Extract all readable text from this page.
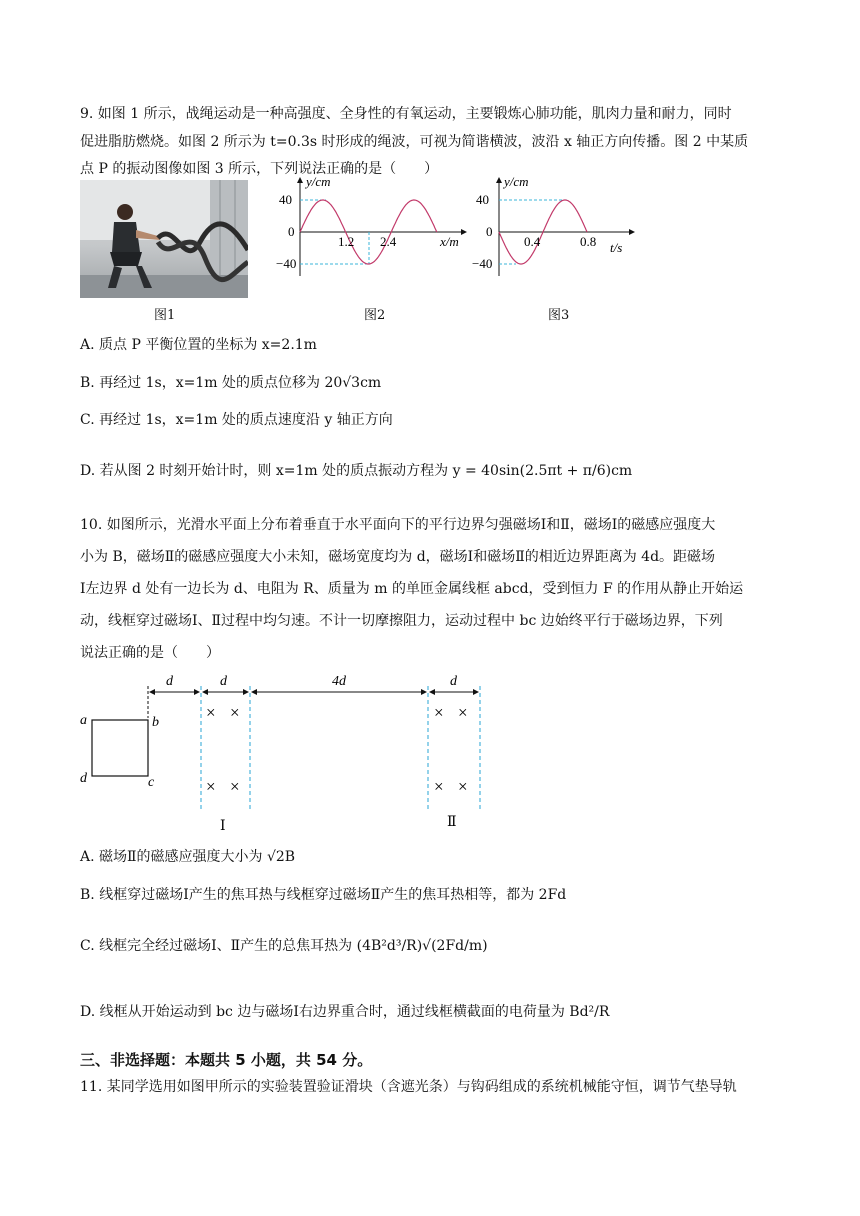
9. 如图 1 所示，战绳运动是一种高强度、全身性的有氧运动，主要锻炼心肺功能，肌肉力量和耐力，同时
促进脂肪燃烧。如图 2 所示为 t=0.3s 时形成的绳波，可视为简谐横波，波沿 x 轴正方向传播。图 2 中某质
点 P 的振动图像如图 3 所示，下列说法正确的是（　　）
y/cm
x/m
40
0
−40
1.2 2.4
y/cm
t/s
40
0
−40
0.4	0.8
图1	图2	图3
A. 质点 P 平衡位置的坐标为 x=2.1m
B. 再经过 1s，x=1m 处的质点位移为 20√3cm
C. 再经过 1s，x=1m 处的质点速度沿 y 轴正方向
D. 若从图 2 时刻开始计时，则 x=1m 处的质点振动方程为 y = 40sin(2.5πt + π/6)cm
10. 如图所示，光滑水平面上分布着垂直于水平面向下的平行边界匀强磁场Ⅰ和Ⅱ，磁场Ⅰ的磁感应强度大
小为 B，磁场Ⅱ的磁感应强度大小未知，磁场宽度均为 d，磁场Ⅰ和磁场Ⅱ的相近边界距离为 4d。距磁场
Ⅰ左边界 d 处有一边长为 d、电阻为 R、质量为 m 的单匝金属线框 abcd，受到恒力 F 的作用从静止开始运
动，线框穿过磁场Ⅰ、Ⅱ过程中均匀速。不计一切摩擦阻力，运动过程中 bc 边始终平行于磁场边界，下列
说法正确的是（　　）
d	d	4d	d
a	b
c
d
× ×
× ×
× ×
× ×
Ⅰ	Ⅱ
A. 磁场Ⅱ的磁感应强度大小为 √2B
B. 线框穿过磁场Ⅰ产生的焦耳热与线框穿过磁场Ⅱ产生的焦耳热相等，都为 2Fd
C. 线框完全经过磁场Ⅰ、Ⅱ产生的总焦耳热为 (4B²d³/R)√(2Fd/m)
D. 线框从开始运动到 bc 边与磁场Ⅰ右边界重合时，通过线框横截面的电荷量为 Bd²/R
三、非选择题：本题共 5 小题，共 54 分。
11. 某同学选用如图甲所示的实验装置验证滑块（含遮光条）与钩码组成的系统机械能守恒，调节气垫导轨
